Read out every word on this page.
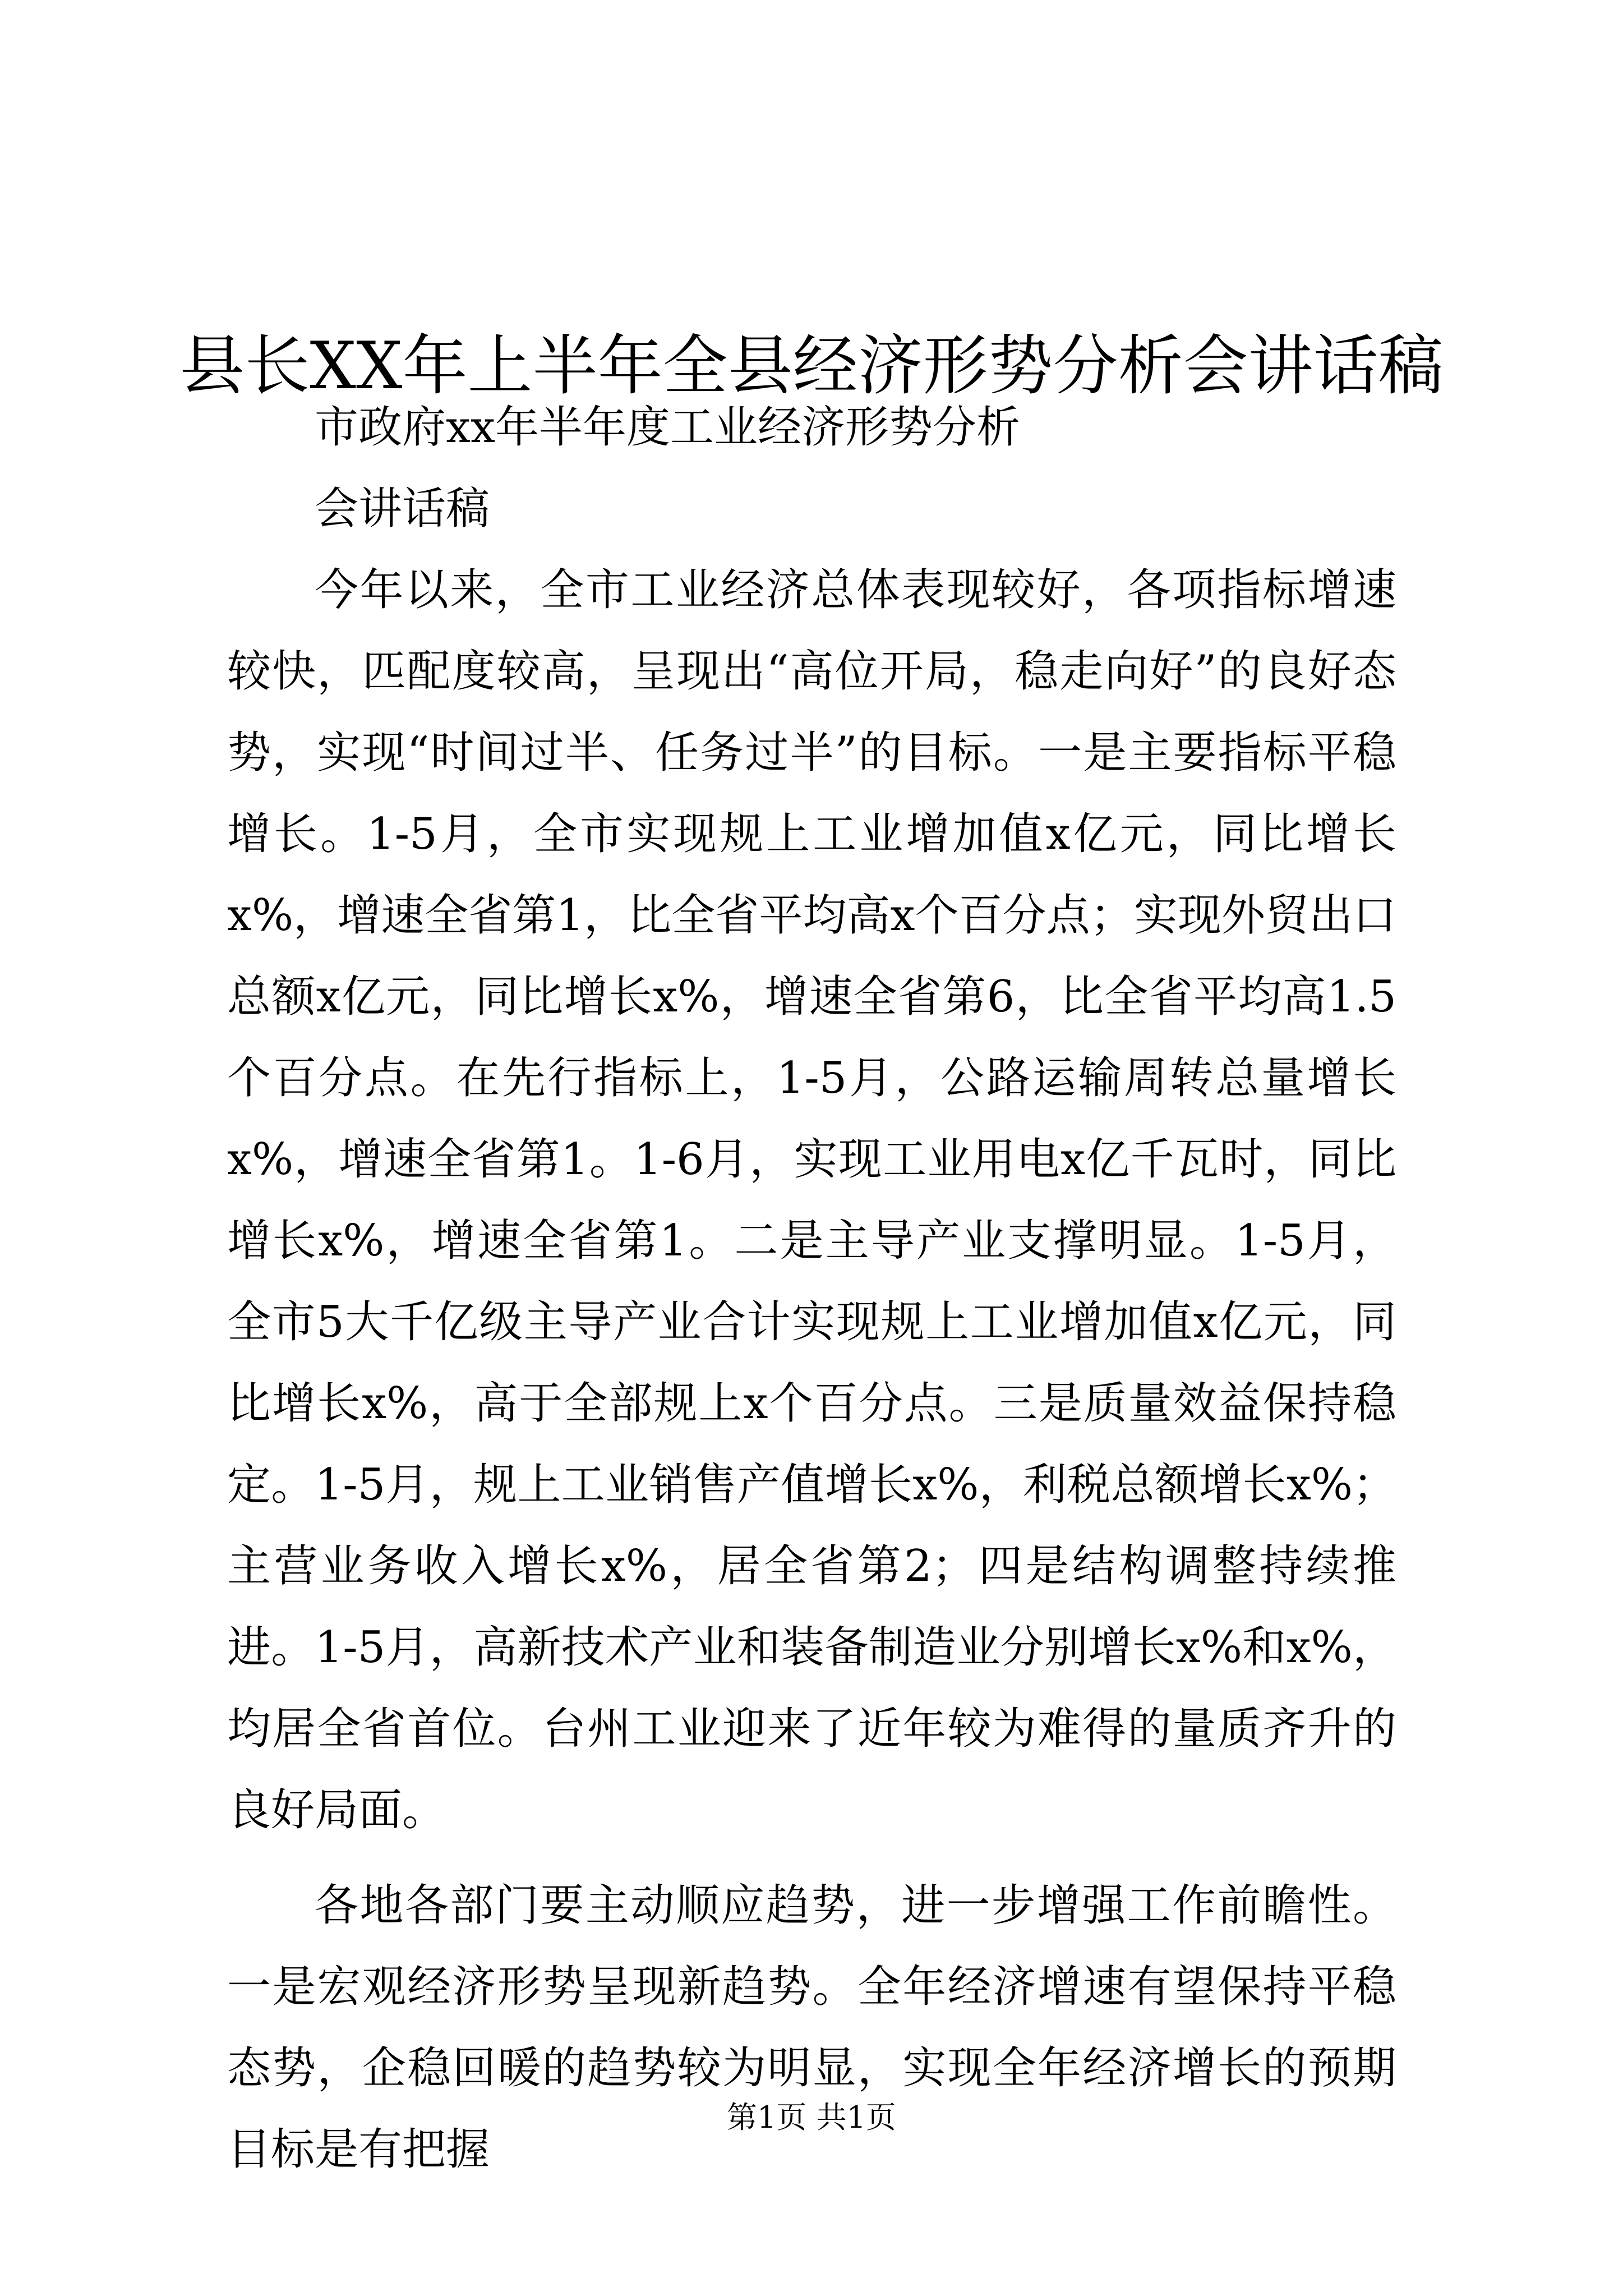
县长XX年上半年全县经济形势分析会讲话稿

市政府xx年半年度工业经济形势分析

会讲话稿

今年以来，全市工业经济总体表现较好，各项指标增速较快，匹配度较高，呈现出“高位开局，稳走向好”的良好态势，实现“时间过半、任务过半”的目标。一是主要指标平稳增长。1-5月，全市实现规上工业增加值x亿元，同比增长x%，增速全省第1，比全省平均高x个百分点；实现外贸出口总额x亿元，同比增长x%，增速全省第6，比全省平均高1.5个百分点。在先行指标上，1-5月，公路运输周转总量增长x%，增速全省第1。1-6月，实现工业用电x亿千瓦时，同比增长x%，增速全省第1。二是主导产业支撑明显。1-5月，全市5大千亿级主导产业合计实现规上工业增加值x亿元，同比增长x%，高于全部规上x个百分点。三是质量效益保持稳定。1-5月，规上工业销售产值增长x%，利税总额增长x%；主营业务收入增长x%，居全省第2；四是结构调整持续推进。1-5月，高新技术产业和装备制造业分别增长x%和x%，均居全省首位。台州工业迎来了近年较为难得的量质齐升的良好局面。

各地各部门要主动顺应趋势，进一步增强工作前瞻性。一是宏观经济形势呈现新趋势。全年经济增速有望保持平稳态势，企稳回暖的趋势较为明显，实现全年经济增长的预期目标是有把握

第1页 共1页
